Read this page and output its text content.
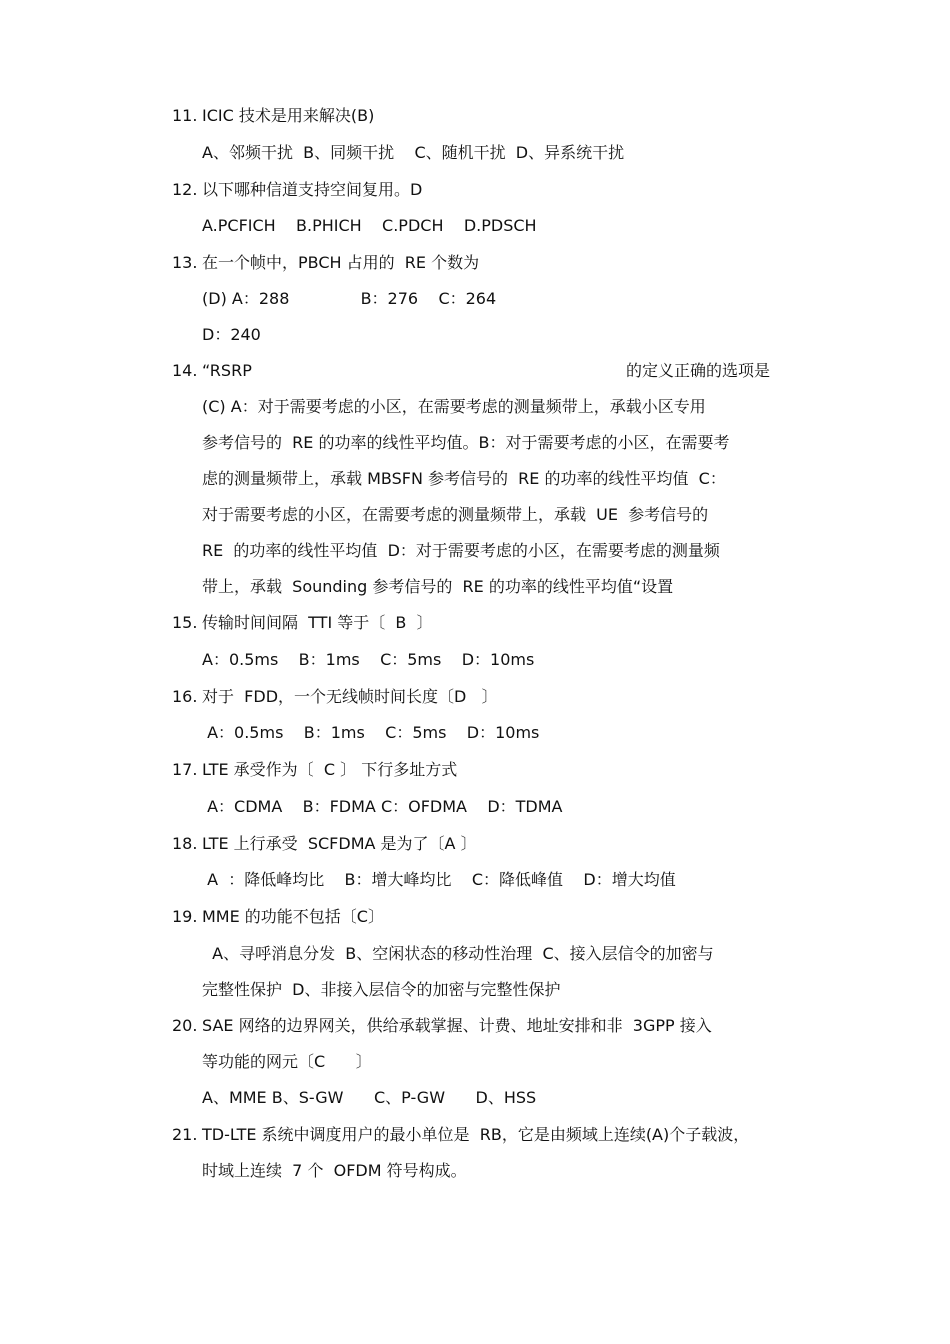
11. ICIC 技术是用来解决(B)
A、邻频干扰  B、同频干扰    C、随机干扰  D、异系统干扰
12. 以下哪种信道支持空间复用。D
A.PCFICH    B.PHICH    C.PDCH    D.PDSCH
13. 在一个帧中，PBCH 占用的  RE 个数为
(D) A：288              B：276    C：264
D：240
14. “RSRP	的定义正确的选项是
(C) A：对于需要考虑的小区，在需要考虑的测量频带上，承载小区专用
参考信号的  RE 的功率的线性平均值。B：对于需要考虑的小区，在需要考
虑的测量频带上，承载 MBSFN 参考信号的  RE 的功率的线性平均值  C：
对于需要考虑的小区，在需要考虑的测量频带上，承载  UE  参考信号的
RE  的功率的线性平均值  D：对于需要考虑的小区，在需要考虑的测量频
带上，承载  Sounding 参考信号的  RE 的功率的线性平均值“设置
15. 传输时间间隔  TTI 等于〔  B  〕
A：0.5ms    B：1ms    C：5ms    D：10ms
16. 对于  FDD，一个无线帧时间长度〔D   〕
A：0.5ms    B：1ms    C：5ms    D：10ms
17. LTE 承受作为〔  C 〕 下行多址方式
A：CDMA    B：FDMA C：OFDMA    D：TDMA
18. LTE 上行承受  SCFDMA 是为了〔A 〕
A  ：降低峰均比    B：增大峰均比    C：降低峰值    D：增大均值
19. MME 的功能不包括〔C〕
A、寻呼消息分发  B、空闲状态的移动性治理  C、接入层信令的加密与
完整性保护  D、非接入层信令的加密与完整性保护
20. SAE 网络的边界网关，供给承载掌握、计费、地址安排和非  3GPP 接入
等功能的网元〔C      〕
A、MME B、S-GW      C、P-GW      D、HSS
21. TD-LTE 系统中调度用户的最小单位是  RB，它是由频域上连续(A)个子载波，
时域上连续  7 个  OFDM 符号构成。
